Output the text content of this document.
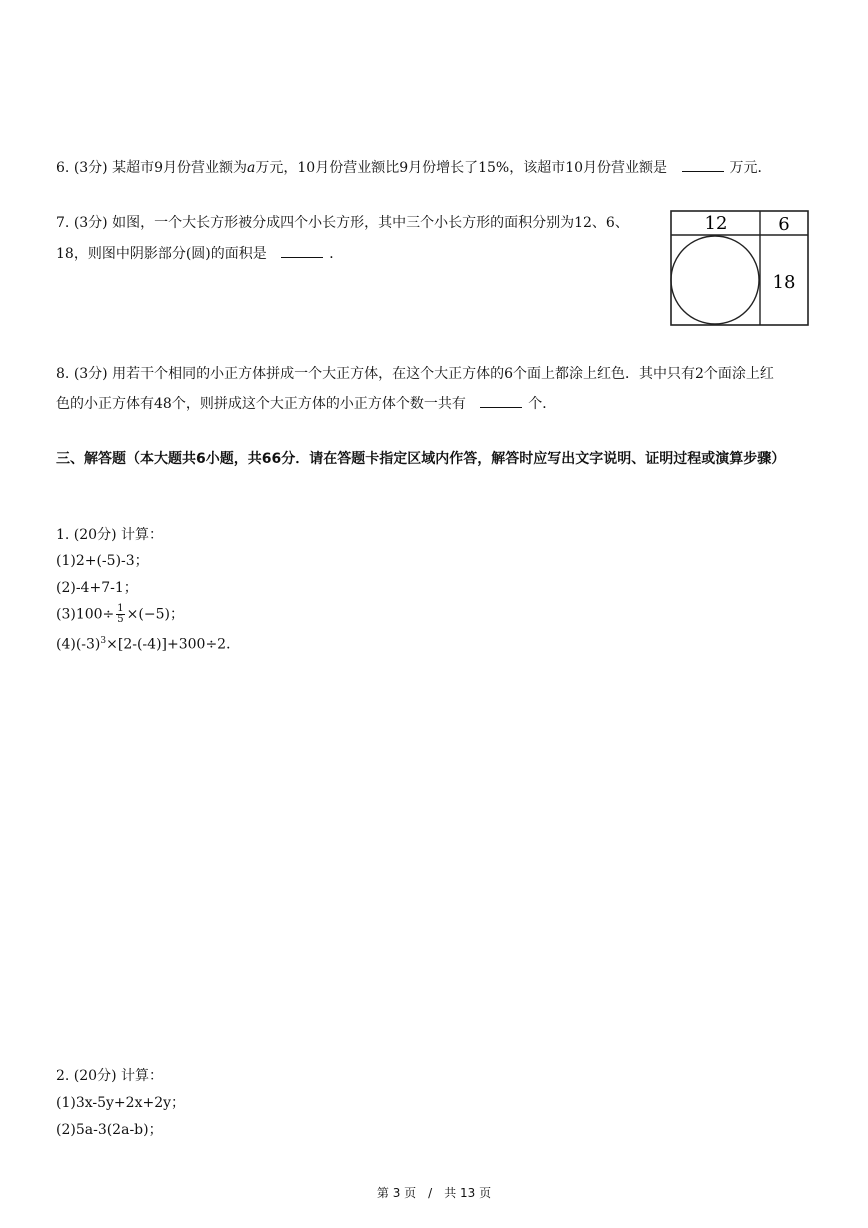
6. (3分) 某超市9月份营业额为a万元，10月份营业额比9月份增长了15%，该超市10月份营业额是	万元．
7. (3分) 如图，一个大长方形被分成四个小长方形，其中三个小长方形的面积分别为12、6、
18，则图中阴影部分(圆)的面积是	．
12	6
18
8. (3分) 用若干个相同的小正方体拼成一个大正方体，在这个大正方体的6个面上都涂上红色．其中只有2个面涂上红
色的小正方体有48个，则拼成这个大正方体的小正方体个数一共有	个．
三、解答题（本大题共6小题，共66分．请在答题卡指定区域内作答，解答时应写出文字说明、证明过程或演算步骤）
1. (20分) 计算：
(1)2+(-5)-3；
(2)-4+7-1；
$(3)100\div \frac{1}{5} \times(-5)$；
$(4)(-3)^3\times[2-(-4)]+300\div 2$．
2. (20分) 计算：
(1)3x-5y+2x+2y；
(2)5a-3(2a-b)；
第 3 页　/　共 13 页
